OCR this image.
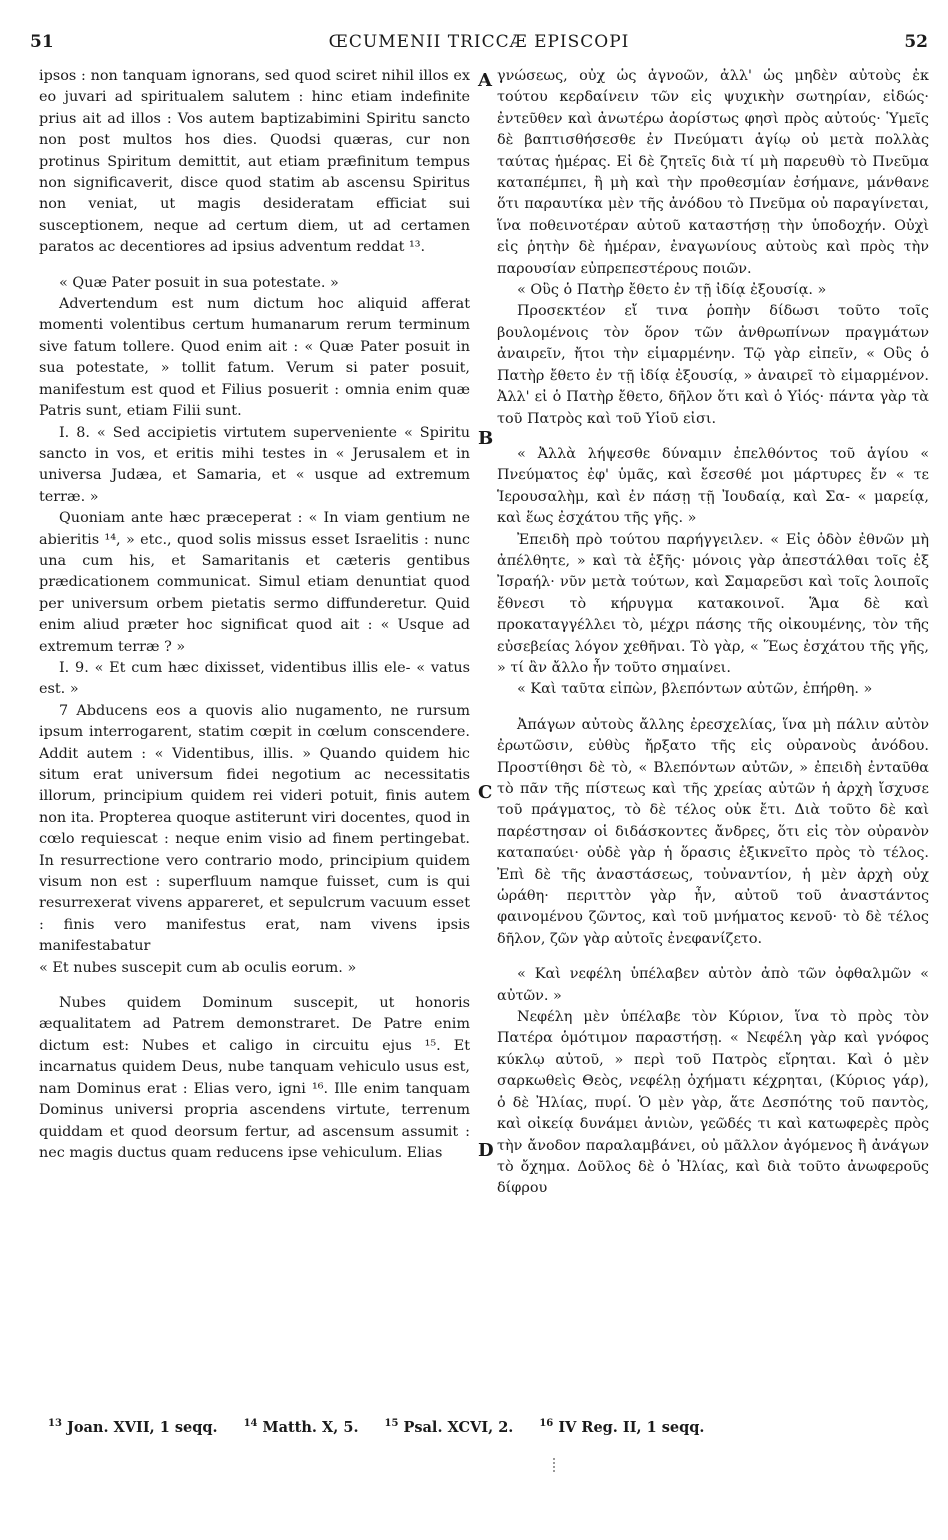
51	ŒCUMENII TRICCÆ EPISCOPI	52

ipsos : non tanquam ignorans, sed quod sciret nihil illos ex eo juvari ad spiritualem salutem : hinc etiam indefinite prius ait ad illos : Vos autem baptizabimini Spiritu sancto non post multos hos dies. Quodsi quæras, cur non protinus Spiritum demittit, aut etiam præfinitum tempus non significaverit, disce quod statim ab ascensu Spiritus non veniat, ut magis desideratam efficiat sui susceptionem, neque ad certum diem, ut ad certamen paratos ac decentiores ad ipsius adventum reddat ¹³.

« Quæ Pater posuit in sua potestate. »

Advertendum est num dictum hoc aliquid afferat momenti volentibus certum humanarum rerum terminum sive fatum tollere. Quod enim ait : « Quæ Pater posuit in sua potestate, » tollit fatum. Verum si pater posuit, manifestum est quod et Filius posuerit : omnia enim quæ Patris sunt, etiam Filii sunt.

I. 8. « Sed accipietis virtutem superveniente « Spiritu sancto in vos, et eritis mihi testes in « Jerusalem et in universa Judæa, et Samaria, et « usque ad extremum terræ. »

Quoniam ante hæc præceperat : « In viam gentium ne abieritis ¹⁴, » etc., quod solis missus esset Israelitis : nunc una cum his, et Samaritanis et cæteris gentibus prædicationem communicat. Simul etiam denuntiat quod per universum orbem pietatis sermo diffunderetur. Quid enim aliud præter hoc significat quod ait : « Usque ad extremum terræ ? »

I. 9. « Et cum hæc dixisset, videntibus illis ele- « vatus est. »

7 Abducens eos a quovis alio nugamento, ne rursum ipsum interrogarent, statim cœpit in cœlum conscendere. Addit autem : « Videntibus, illis. » Quando quidem hic situm erat universum fidei negotium ac necessitatis illorum, principium quidem rei videri potuit, finis autem non ita. Propterea quoque astiterunt viri docentes, quod in cœlo requiescat : neque enim visio ad finem pertingebat. In resurrectione vero contrario modo, principium quidem visum non est : superfluum namque fuisset, cum is qui resurrexerat vivens appareret, et sepulcrum vacuum esset : finis vero manifestus erat, nam vivens ipsis manifestabatur

« Et nubes suscepit cum ab oculis eorum. »

Nubes quidem Dominum suscepit, ut honoris æqualitatem ad Patrem demonstraret. De Patre enim dictum est: Nubes et caligo in circuitu ejus ¹⁵. Et incarnatus quidem Deus, nube tanquam vehiculo usus est, nam Dominus erat : Elias vero, igni ¹⁶. Ille enim tanquam Dominus universi propria ascendens virtute, terrenum quiddam et quod deorsum fertur, ad ascensum assumit : nec magis ductus quam reducens ipse vehiculum. Elias

γνώσεως, οὐχ ὡς ἀγνοῶν, ἀλλ' ὡς μηδὲν αὐτοὺς ἐκ τούτου κερδαίνειν τῶν εἰς ψυχικὴν σωτηρίαν, εἰδώς· ἐντεῦθεν καὶ ἀνωτέρω ἀορίστως φησὶ πρὸς αὐτούς· Ὑμεῖς δὲ βαπτισθήσεσθε ἐν Πνεύματι ἁγίῳ οὐ μετὰ πολλὰς ταύτας ἡμέρας. Εἰ δὲ ζητεῖς διὰ τί μὴ παρευθὺ τὸ Πνεῦμα καταπέμπει, ἢ μὴ καὶ τὴν προθεσμίαν ἐσήμανε, μάνθανε ὅτι παραυτίκα μὲν τῆς ἀνόδου τὸ Πνεῦμα οὐ παραγίνεται, ἵνα ποθεινοτέραν αὐτοῦ καταστήσῃ τὴν ὑποδοχήν. Οὐχὶ εἰς ῥητὴν δὲ ἡμέραν, ἐναγωνίους αὐτοὺς καὶ πρὸς τὴν παρουσίαν εὐπρεπεστέρους ποιῶν.

« Οὓς ὁ Πατὴρ ἔθετο ἐν τῇ ἰδίᾳ ἐξουσίᾳ. »

Προσεκτέον εἴ τινα ῥοπὴν δίδωσι τοῦτο τοῖς βουλομένοις τὸν ὅρον τῶν ἀνθρωπίνων πραγμάτων ἀναιρεῖν, ἤτοι τὴν εἱμαρμένην. Τῷ γὰρ εἰπεῖν, « Οὓς ὁ Πατὴρ ἔθετο ἐν τῇ ἰδίᾳ ἐξουσίᾳ, » ἀναιρεῖ τὸ εἱμαρμένον. Ἀλλ' εἰ ὁ Πατὴρ ἔθετο, δῆλον ὅτι καὶ ὁ Υἱός· πάντα γὰρ τὰ τοῦ Πατρὸς καὶ τοῦ Υἱοῦ εἰσι.

« Ἀλλὰ λήψεσθε δύναμιν ἐπελθόντος τοῦ ἁγίου « Πνεύματος ἐφ' ὑμᾶς, καὶ ἔσεσθέ μοι μάρτυρες ἔν « τε Ἱερουσαλὴμ, καὶ ἐν πάσῃ τῇ Ἰουδαίᾳ, καὶ Σα- « μαρείᾳ, καὶ ἕως ἐσχάτου τῆς γῆς. »

Ἐπειδὴ πρὸ τούτου παρήγγειλεν. « Εἰς ὁδὸν ἐθνῶν μὴ ἀπέλθητε, » καὶ τὰ ἑξῆς· μόνοις γὰρ ἀπεστάλθαι τοῖς ἐξ Ἰσραήλ· νῦν μετὰ τούτων, καὶ Σαμαρεῦσι καὶ τοῖς λοιποῖς ἔθνεσι τὸ κήρυγμα κατακοινοῖ. Ἅμα δὲ καὶ προκαταγγέλλει τὸ, μέχρι πάσης τῆς οἰκουμένης, τὸν τῆς εὐσεβείας λόγον χεθῆναι. Τὸ γὰρ, « Ἕως ἐσχάτου τῆς γῆς, » τί ἂν ἄλλο ἦν τοῦτο σημαίνει.

« Καὶ ταῦτα εἰπὼν, βλεπόντων αὐτῶν, ἐπήρθη. »

Ἀπάγων αὐτοὺς ἄλλης ἐρεσχελίας, ἵνα μὴ πάλιν αὐτὸν ἐρωτῶσιν, εὐθὺς ἤρξατο τῆς εἰς οὐρανοὺς ἀνόδου. Προστίθησι δὲ τὸ, « Βλεπόντων αὐτῶν, » ἐπειδὴ ἐνταῦθα τὸ πᾶν τῆς πίστεως καὶ τῆς χρείας αὐτῶν ἡ ἀρχὴ ἴσχυσε τοῦ πράγματος, τὸ δὲ τέλος οὐκ ἔτι. Διὰ τοῦτο δὲ καὶ παρέστησαν οἱ διδάσκοντες ἄνδρες, ὅτι εἰς τὸν οὐρανὸν καταπαύει· οὐδὲ γὰρ ἡ ὅρασις ἐξικνεῖτο πρὸς τὸ τέλος. Ἐπὶ δὲ τῆς ἀναστάσεως, τοὐναντίον, ἡ μὲν ἀρχὴ οὐχ ὡράθη· περιττὸν γὰρ ἦν, αὐτοῦ τοῦ ἀναστάντος φαινομένου ζῶντος, καὶ τοῦ μνήματος κενοῦ· τὸ δὲ τέλος δῆλον, ζῶν γὰρ αὐτοῖς ἐνεφανίζετο.

« Καὶ νεφέλη ὑπέλαβεν αὐτὸν ἀπὸ τῶν ὀφθαλμῶν « αὐτῶν. »

Νεφέλη μὲν ὑπέλαβε τὸν Κύριον, ἵνα τὸ πρὸς τὸν Πατέρα ὁμότιμον παραστήσῃ. « Νεφέλη γὰρ καὶ γνόφος κύκλῳ αὐτοῦ, » περὶ τοῦ Πατρὸς εἴρηται. Καὶ ὁ μὲν σαρκωθεὶς Θεὸς, νεφέλῃ ὀχήματι κέχρηται, (Κύριος γάρ), ὁ δὲ Ἠλίας, πυρί. Ὁ μὲν γὰρ, ἅτε Δεσπότης τοῦ παντὸς, καὶ οἰκείᾳ δυνάμει ἀνιὼν, γεῶδές τι καὶ κατωφερὲς πρὸς τὴν ἄνοδον παραλαμβάνει, οὐ μᾶλλον ἀγόμενος ἢ ἀνάγων τὸ ὄχημα. Δοῦλος δὲ ὁ Ἠλίας, καὶ διὰ τοῦτο ἀνωφεροῦς δίφρου

A
B
C
D
$^{13}$ Joan. XVII, 1 seqq.	$^{14}$ Matth. X, 5.	$^{15}$ Psal. XCVI, 2.	$^{16}$ IV Reg. II, 1 seqq.
